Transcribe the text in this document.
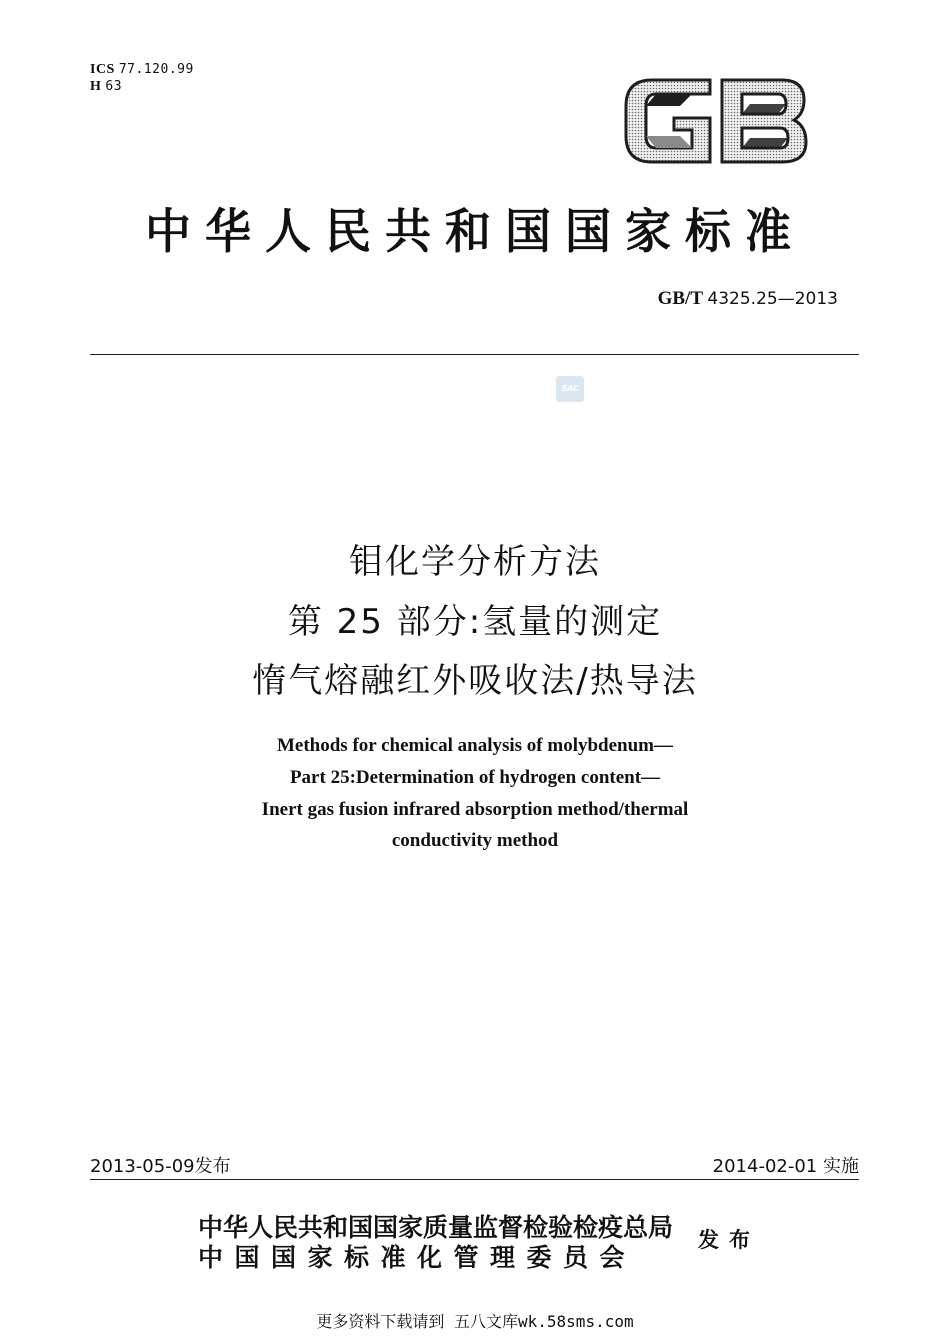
ICS 77.120.99
H 63
中华人民共和国国家标准
GB/T 4325.25—2013
SAC
钼化学分析方法
第 25 部分:氢量的测定
惰气熔融红外吸收法/热导法
Methods for chemical analysis of molybdenum—
Part 25:Determination of hydrogen content—
Inert gas fusion infrared absorption method/thermal
conductivity method
2013-05-09发布	2014-02-01 实施
中华人民共和国国家质量监督检验检疫总局
中国国家标准化管理委员会
发布
更多资料下载请到 五八文库wk.58sms.com
